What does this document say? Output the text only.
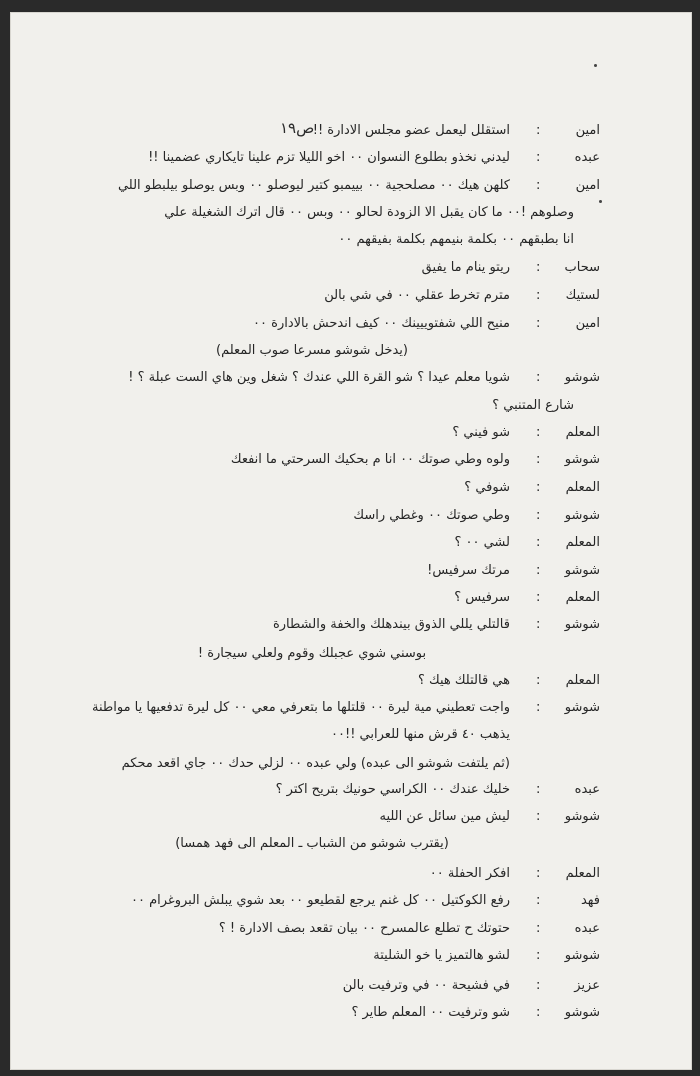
ص١٩	امين
:
استقلل ليعمل عضو مجلس الادارة !!
عبده
:
ليدني نخذو بطلوع النسوان ٠٠ اخو الليلا تزم علينا تايكاري عضمينا !!
امين
:
كلهن هيك ٠٠ مصلحجية ٠٠ بييمبو كتير ليوصلو ٠٠ وبس يوصلو بيلبطو اللي
وصلوهم !٠٠ ما كان يقبل الا الزودة لحالو ٠٠ وبس ٠٠ قال اترك الشغيلة علي
انا بطبقهم ٠٠ بكلمة بنيمهم بكلمة بفيقهم ٠٠
سحاب
:
ريتو ينام ما يفيق
لستيك
:
مترم تخرط عقلي ٠٠ في شي بالن
امين
:
منيح اللي شفتوييينك ٠٠ كيف اندحش بالادارة ٠٠
(يدخل شوشو مسرعا صوب المعلم)
شوشو
:
شويا معلم عيدا ؟ شو القرة اللي عندك ؟ شغل وين هاي الست عبلة ؟ !
شارع المتنبي ؟
المعلم
:
شو فيني ؟
شوشو
:
ولوه وطي صوتك ٠٠ انا م بحكيك السرحتي ما انفعك
المعلم
:
شوفي ؟
شوشو
:
وطي صوتك ٠٠ وغطي راسك
المعلم
:
لشي ٠٠ ؟
شوشو
:
مرتك سرفيس!
المعلم
:
سرفيس ؟
شوشو
:
قالتلي يللي الذوق بيندهلك والخفة والشطارة
بوسني شوي عجبلك وقوم ولعلي سيجارة !
المعلم
:
هي قالتلك هيك ؟
شوشو
:
واجت تعطيني مية ليرة ٠٠ قلتلها ما بتعرفي معي ٠٠ كل ليرة تدفعيها يا مواطنة
يذهب ٤٠ قرش منها للعرابي !!٠٠
(ثم يلتفت شوشو الى عبده) ولي عبده ٠٠ لزلي حدك ٠٠ جاي اقعد محكم
عبده
:
خليك عندك ٠٠ الكراسي حونيك بتريح اكتر ؟
شوشو
:
ليش مين سائل عن الليه
(يقترب شوشو من الشباب ـ المعلم الى فهد همسا)
المعلم
:
افكر الحفلة ٠٠
فهد
:
رفع الكوكتيل ٠٠ كل غنم يرجع لقطيعو ٠٠ بعد شوي يبلش البروغرام ٠٠
عبده
:
حتوتك ح تطلع عالمسرح ٠٠ بيان تقعد بصف الادارة ! ؟
شوشو
:
لشو هالتميز يا خو الشليتة
عزيز
:
في فشيحة ٠٠ في وترفيت بالن
شوشو
:
شو وترفيت ٠٠ المعلم طاير ؟
